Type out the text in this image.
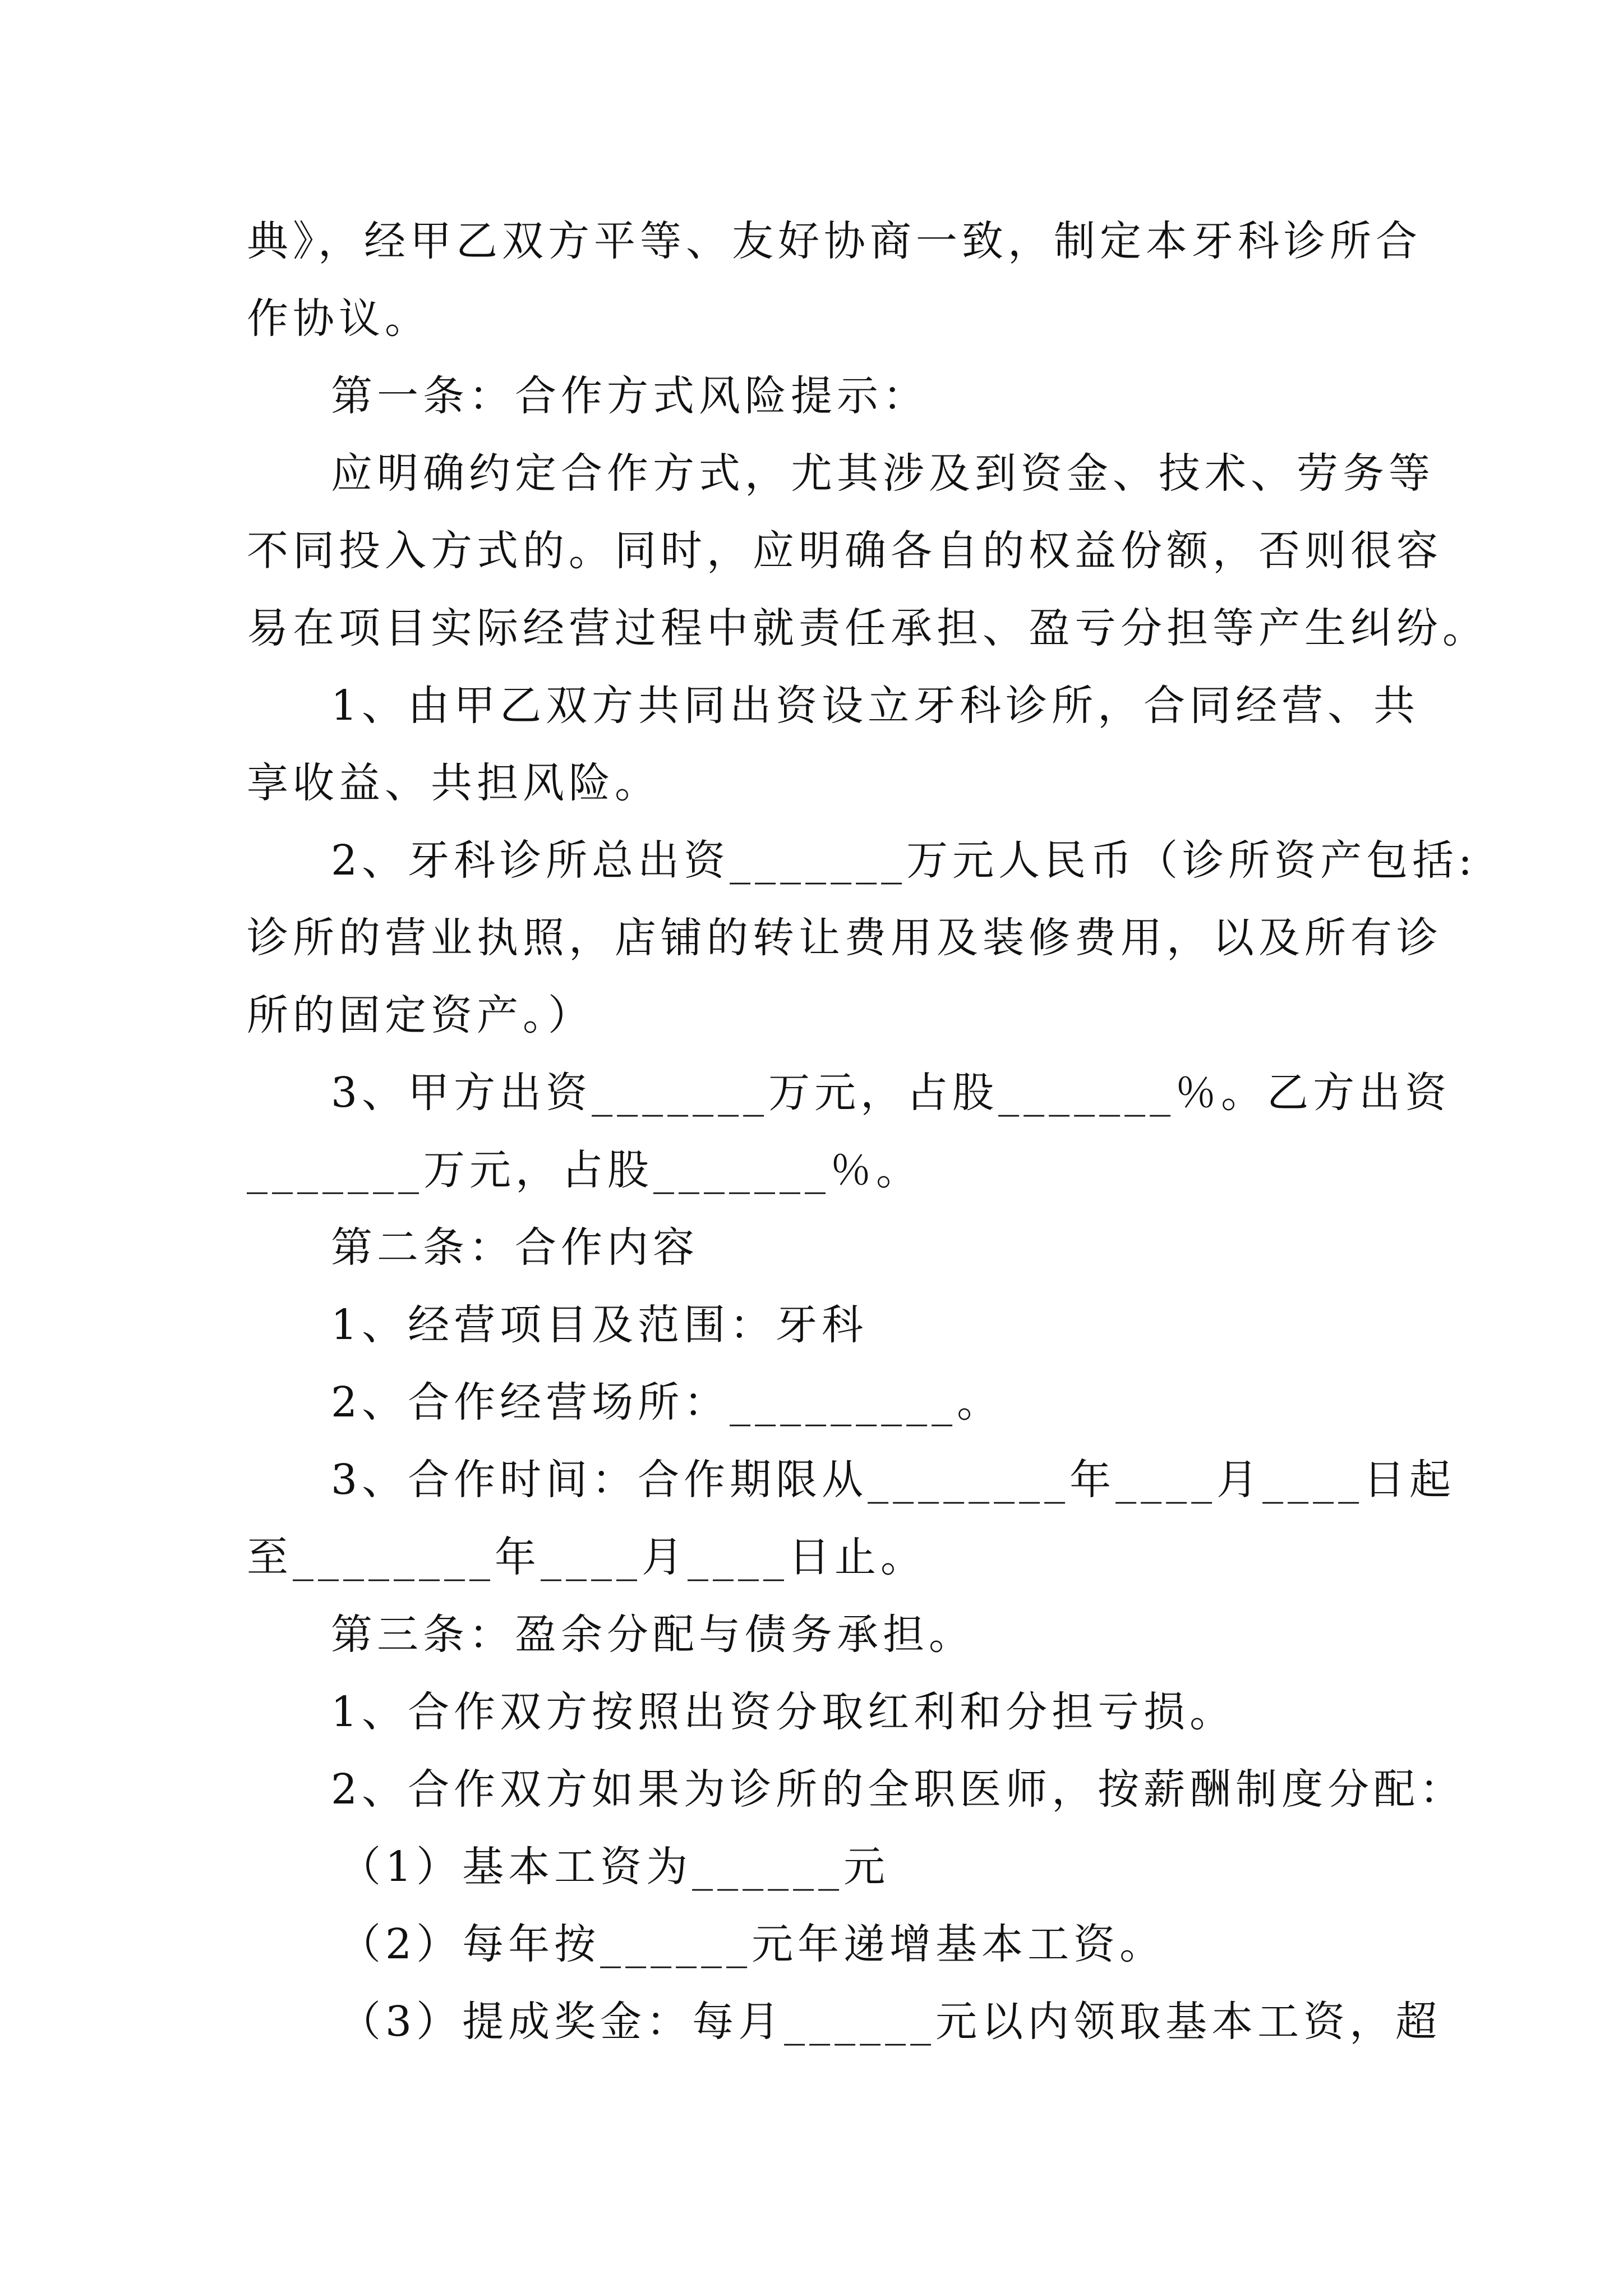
典》，经甲乙双方平等、友好协商一致，制定本牙科诊所合
作协议。
第一条：合作方式风险提示：
应明确约定合作方式，尤其涉及到资金、技术、劳务等
不同投入方式的。同时，应明确各自的权益份额，否则很容
易在项目实际经营过程中就责任承担、盈亏分担等产生纠纷。
1、由甲乙双方共同出资设立牙科诊所，合同经营、共
享收益、共担风险。
2、牙科诊所总出资_______万元人民币（诊所资产包括:
诊所的营业执照，店铺的转让费用及装修费用，以及所有诊
所的固定资产。）
3、甲方出资_______万元，占股_______％。乙方出资
_______万元，占股_______％。
第二条：合作内容
1、经营项目及范围：牙科
2、合作经营场所：_________。
3、合作时间：合作期限从________年____月____日起
至________年____月____日止。
第三条：盈余分配与债务承担。
1、合作双方按照出资分取红利和分担亏损。
2、合作双方如果为诊所的全职医师，按薪酬制度分配：
（1）基本工资为______元
（2）每年按______元年递增基本工资。
（3）提成奖金：每月______元以内领取基本工资，超
